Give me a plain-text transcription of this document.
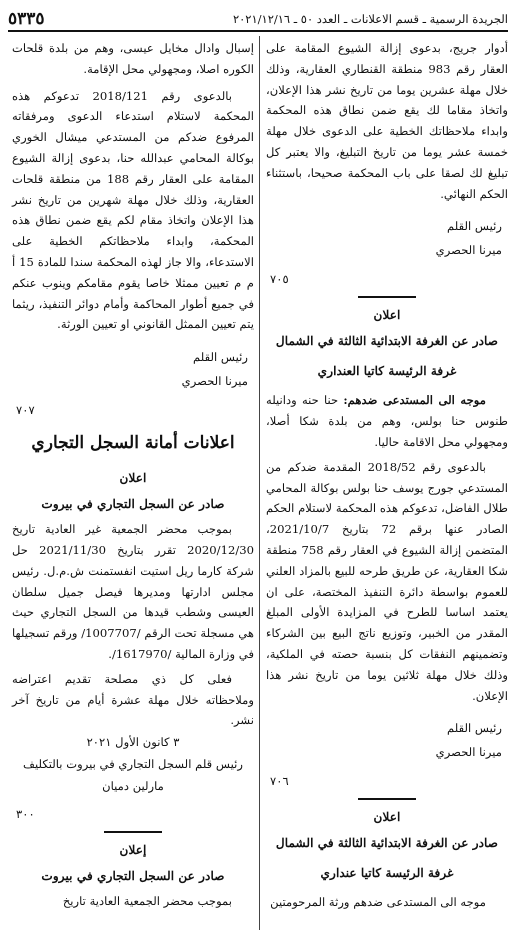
الجريدة الرسمية ـ قسم الاعلانات ـ العدد ٥٠ ـ ٢٠٢١/١٢/١٦
٥٣٣٥

أدوار جريج، بدعوى إزالة الشيوع المقامة على العقار رقم 983 منطقة القنطاري العقارية، وذلك خلال مهلة عشرين يوما من تاريخ نشر هذا الإعلان، واتخاذ مقاما لك يقع ضمن نطاق هذه المحكمة وابداء ملاحظاتك الخطية على الدعوى خلال مهلة خمسة عشر يوما من تاريخ التبليغ، والا يعتبر كل تبليغ لك لصقا على باب المحكمة صحيحا، باستثناء الحكم النهائي.

رئيس القلم
ميرنا الحصري
٧٠٥
اعلان
صادر عن الغرفة الابتدائية الثالثة في الشمال
غرفة الرئيسة كاتيا العنداري

موجه الى المستدعى ضدهم: حنا حنه ودانيله طنوس حنا بولس، وهم من بلدة شكا أصلا، ومجهولي محل الاقامة حاليا.

بالدعوى رقم 2018/52 المقدمة ضدكم من المستدعي جورج يوسف حنا بولس بوكالة المحامي طلال الفاضل، تدعوكم هذه المحكمة لاستلام الحكم الصادر عنها برقم 72 بتاريخ 2021/10/7، المتضمن إزالة الشيوع في العقار رقم 758 منطقة شكا العقارية، عن طريق طرحه للبيع بالمزاد العلني للعموم بواسطة دائرة التنفيذ المختصة، على ان يعتمد اساسا للطرح في المزايدة الأولى المبلغ المقدر من الخبير، وتوزيع ناتج البيع بين الشركاء وتضمينهم النفقات كل بنسبة حصته في الملكية، وذلك خلال مهلة ثلاثين يوما من تاريخ نشر هذا الإعلان.

رئيس القلم
ميرنا الحصري
٧٠٦
اعلان
صادر عن الغرفة الابتدائية الثالثة في الشمال
غرفة الرئيسة كاتيا عنداري

موجه الى المستدعى ضدهم ورثة المرحومتين

إسبال وادال مخايل عيسى، وهم من بلدة قلحات الكوره اصلا، ومجهولي محل الإقامة.

بالدعوى رقم 2018/121 تدعوكم هذه المحكمة لاستلام استدعاء الدعوى ومرفقاته المرفوع ضدكم من المستدعي ميشال الخوري بوكالة المحامي عبدالله حنا، بدعوى إزالة الشيوع المقامة على العقار رقم 188 من منطقة قلحات العقارية، وذلك خلال مهلة شهرين من تاريخ نشر هذا الإعلان واتخاذ مقام لكم يقع ضمن نطاق هذه المحكمة، وابداء ملاحظاتكم الخطية على الاستدعاء، والا جاز لهذه المحكمة سندا للمادة 15 أ م م تعيين ممثلا خاصا يقوم مقامكم وينوب عنكم في جميع أطوار المحاكمة وأمام دوائر التنفيذ، ريثما يتم تعيين الممثل القانوني او تعيين الورثة.

رئيس القلم
ميرنا الحصري
٧٠٧
اعلانات أمانة السجل التجاري
اعلان
صادر عن السجل التجاري في بيروت

بموجب محضر الجمعية غير العادية تاريخ 2020/12/30 تقرر بتاريخ 2021/11/30 حل شركة كارما ريل استيت انفستمنت ش.م.ل. رئيس مجلس ادارتها ومديرها فيصل جميل سلطان العيسى وشطب قيدها من السجل التجاري حيث هي مسجلة تحت الرقم /1007707/ ورقم تسجيلها في وزارة المالية /1617970/.

فعلى كل ذي مصلحة تقديم اعتراضه وملاحظاته خلال مهلة عشرة أيام من تاريخ آخر نشر.

٣ كانون الأول ٢٠٢١
رئيس قلم السجل التجاري في بيروت بالتكليف
مارلين دميان
٣٠٠
إعلان
صادر عن السجل التجاري في بيروت

بموجب محضر الجمعية العادية تاريخ
